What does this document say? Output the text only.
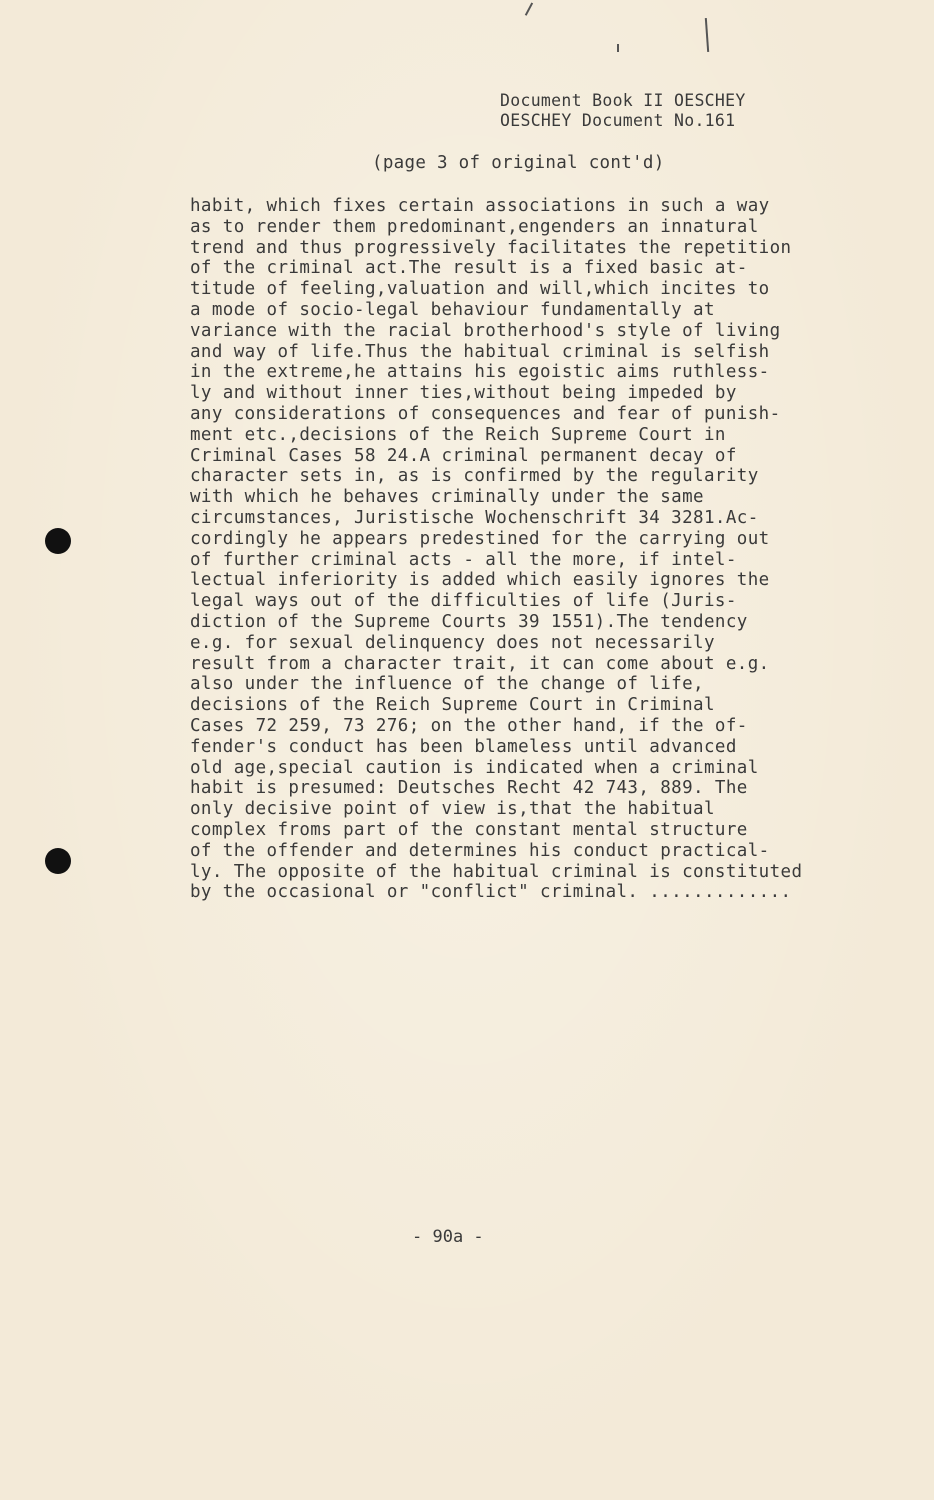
Document Book II OESCHEY
OESCHEY Document No.161
(page 3 of original cont'd)
habit, which fixes certain associations in such a way
as to render them predominant,engenders an innatural
trend and thus progressively facilitates the repetition
of the criminal act.The result is a fixed basic at-
titude of feeling,valuation and will,which incites to
a mode of socio-legal behaviour fundamentally at
variance with the racial brotherhood's style of living
and way of life.Thus the habitual criminal is selfish
in the extreme,he attains his egoistic aims ruthless-
ly and without inner ties,without being impeded by
any considerations of consequences and fear of punish-
ment etc.,decisions of the Reich Supreme Court in
Criminal Cases 58 24.A criminal permanent decay of
character sets in, as is confirmed by the regularity
with which he behaves criminally under the same
circumstances, Juristische Wochenschrift 34 3281.Ac-
cordingly he appears predestined for the carrying out
of further criminal acts - all the more, if intel-
lectual inferiority is added which easily ignores the
legal ways out of the difficulties of life (Juris-
diction of the Supreme Courts 39 1551).The tendency
e.g. for sexual delinquency does not necessarily
result from a character trait, it can come about e.g.
also under the influence of the change of life,
decisions of the Reich Supreme Court in Criminal
Cases 72 259, 73 276; on the other hand, if the of-
fender's conduct has been blameless until advanced
old age,special caution is indicated when a criminal
habit is presumed: Deutsches Recht 42 743, 889. The
only decisive point of view is,that the habitual
complex froms part of the constant mental structure
of the offender and determines his conduct practical-
ly. The opposite of the habitual criminal is constituted
by the occasional or "conflict" criminal. .............
- 90a -
